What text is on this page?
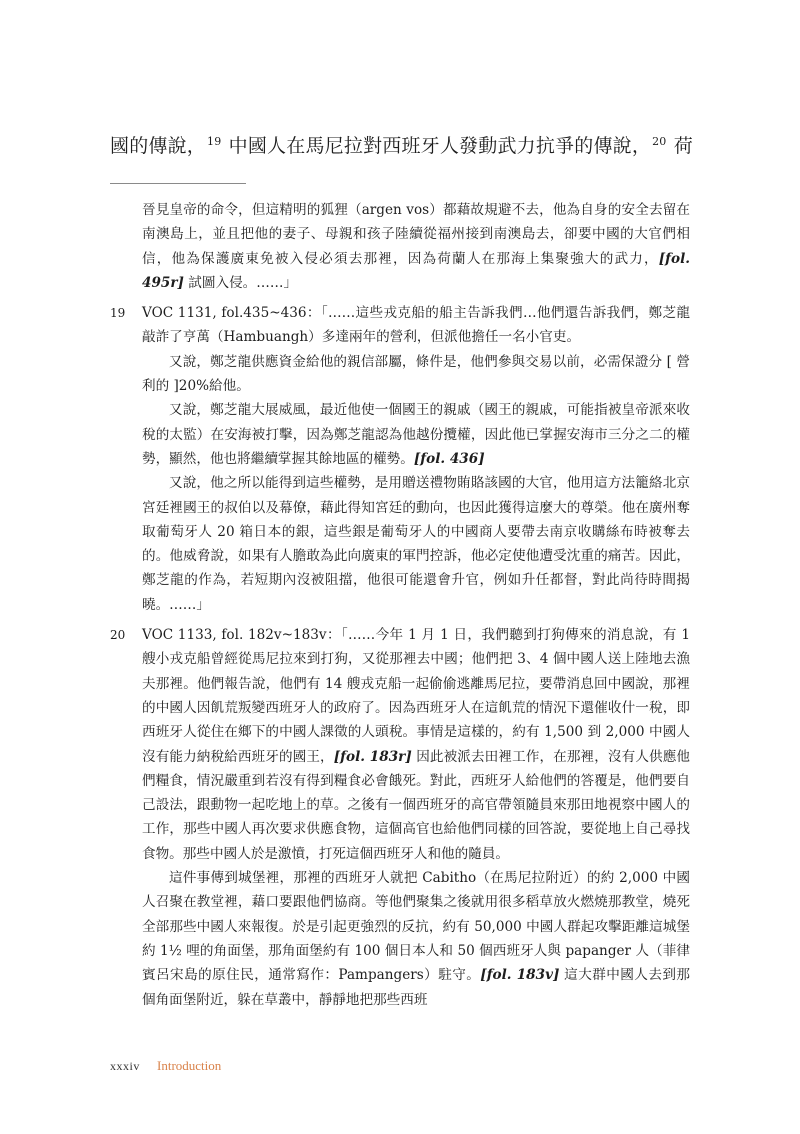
國的傳說，$^{19}$ 中國人在馬尼拉對西班牙人發動武力抗爭的傳說，$^{20}$ 荷
晉見皇帝的命令，但這精明的狐狸（argen vos）都藉故規避不去，他為自身的安全去留在南澳島上，並且把他的妻子、母親和孩子陸續從福州接到南澳島去，卻要中國的大官們相信，他為保護廣東免被入侵必須去那裡，因為荷蘭人在那海上集聚強大的武力，[fol. 495r] 試圖入侵。……」
19 VOC 1131, fol.435~436：「……這些戎克船的船主告訴我們…他們還告訴我們，鄭芝龍敲詐了亨萬（Hambuangh）多達兩年的營利，但派他擔任一名小官吏。
又說，鄭芝龍供應資金給他的親信部屬，條件是，他們參與交易以前，必需保證分 [ 營利的 ]20%給他。
又說，鄭芝龍大展威風，最近他使一個國王的親戚（國王的親戚，可能指被皇帝派來收稅的太監）在安海被打擊，因為鄭芝龍認為他越份攬權，因此他已掌握安海市三分之二的權勢，顯然，他也將繼續掌握其餘地區的權勢。[fol. 436]
又說，他之所以能得到這些權勢，是用贈送禮物賄賂該國的大官，他用這方法籠絡北京宮廷裡國王的叔伯以及幕僚，藉此得知宮廷的動向，也因此獲得這麼大的尊榮。他在廣州奪取葡萄牙人 20 箱日本的銀，這些銀是葡萄牙人的中國商人要帶去南京收購絲布時被奪去的。他威脅說，如果有人膽敢為此向廣東的軍門控訴，他必定使他遭受沈重的痛苦。因此，鄭芝龍的作為，若短期內沒被阻擋，他很可能還會升官，例如升任都督，對此尚待時間揭曉。……」
20 VOC 1133, fol. 182v~183v：「……今年 1 月 1 日，我們聽到打狗傳來的消息說，有 1 艘小戎克船曾經從馬尼拉來到打狗，又從那裡去中國；他們把 3、4 個中國人送上陸地去漁夫那裡。他們報告說，他們有 14 艘戎克船一起偷偷逃離馬尼拉，要帶消息回中國說，那裡的中國人因飢荒叛變西班牙人的政府了。因為西班牙人在這飢荒的情況下還催收什一稅，即西班牙人從住在鄉下的中國人課徵的人頭稅。事情是這樣的，約有 1,500 到 2,000 中國人沒有能力納稅給西班牙的國王，[fol. 183r] 因此被派去田裡工作，在那裡，沒有人供應他們糧食，情況嚴重到若沒有得到糧食必會餓死。對此，西班牙人給他們的答覆是，他們要自己設法，跟動物一起吃地上的草。之後有一個西班牙的高官帶領隨員來那田地視察中國人的工作，那些中國人再次要求供應食物，這個高官也給他們同樣的回答說，要從地上自己尋找食物。那些中國人於是激憤，打死這個西班牙人和他的隨員。
這件事傳到城堡裡，那裡的西班牙人就把 Cabitho（在馬尼拉附近）的約 2,000 中國人召聚在教堂裡，藉口要跟他們協商。等他們聚集之後就用很多稻草放火燃燒那教堂，燒死全部那些中國人來報復。於是引起更強烈的反抗，約有 50,000 中國人群起攻擊距離這城堡約 1½ 哩的角面堡，那角面堡約有 100 個日本人和 50 個西班牙人與 papanger 人（菲律賓呂宋島的原住民，通常寫作：Pampangers）駐守。[fol. 183v] 這大群中國人去到那個角面堡附近，躲在草叢中，靜靜地把那些西班
xxxiv Introduction
